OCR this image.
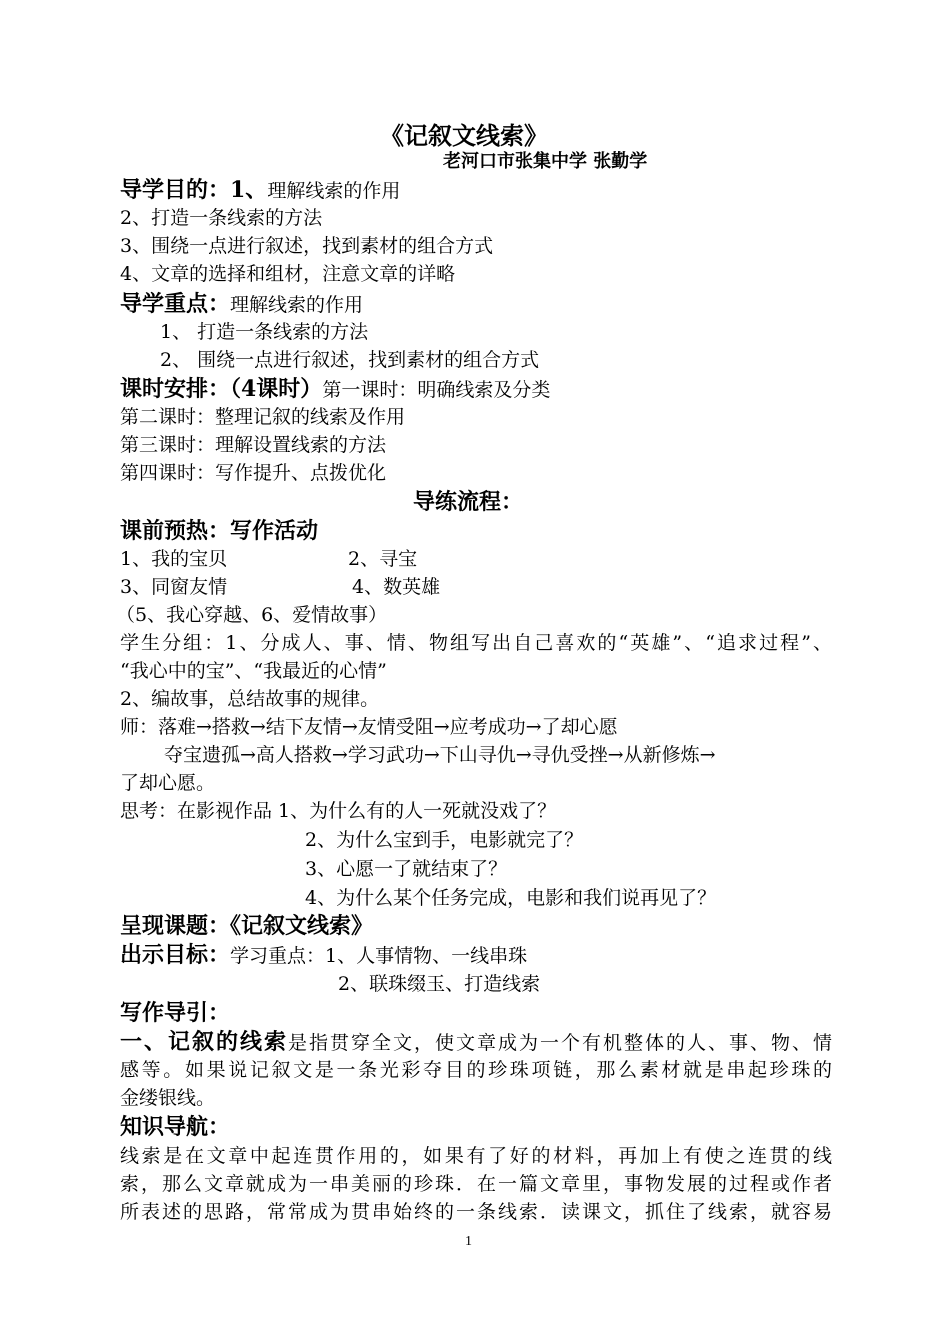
《记叙文线索》
老河口市张集中学 张勤学
导学目的：1、理解线索的作用
2、打造一条线索的方法
3、围绕一点进行叙述，找到素材的组合方式
4、文章的选择和组材，注意文章的详略
导学重点：理解线索的作用
1、 打造一条线索的方法
2、 围绕一点进行叙述，找到素材的组合方式
课时安排：（4课时）第一课时：明确线索及分类
第二课时：整理记叙的线索及作用
第三课时：理解设置线索的方法
第四课时：写作提升、点拨优化
导练流程：
课前预热：写作活动
1、我的宝贝	2、寻宝
3、同窗友情	4、数英雄
（5、我心穿越、6、爱情故事）
学生分组：1、分成人、事、情、物组写出自己喜欢的“英雄”、“追求过程”、
“我心中的宝”、“我最近的心情”
2、编故事，总结故事的规律。
师：落难→搭救→结下友情→友情受阻→应考成功→了却心愿
夺宝遗孤→高人搭救→学习武功→下山寻仇→寻仇受挫→从新修炼→
了却心愿。
思考：在影视作品 1、为什么有的人一死就没戏了？
2、为什么宝到手，电影就完了？
3、心愿一了就结束了？
4、为什么某个任务完成，电影和我们说再见了？
呈现课题：《记叙文线索》
出示目标：学习重点：1、人事情物、一线串珠
2、联珠缀玉、打造线索
写作导引：
一、记叙的线索是指贯穿全文，使文章成为一个有机整体的人、事、物、情
感等。如果说记叙文是一条光彩夺目的珍珠项链，那么素材就是串起珍珠的
金缕银线。
知识导航：
线索是在文章中起连贯作用的，如果有了好的材料，再加上有使之连贯的线
索，那么文章就成为一串美丽的珍珠．在一篇文章里，事物发展的过程或作者
所表述的思路，常常成为贯串始终的一条线索．读课文，抓住了线索，就容易
1
